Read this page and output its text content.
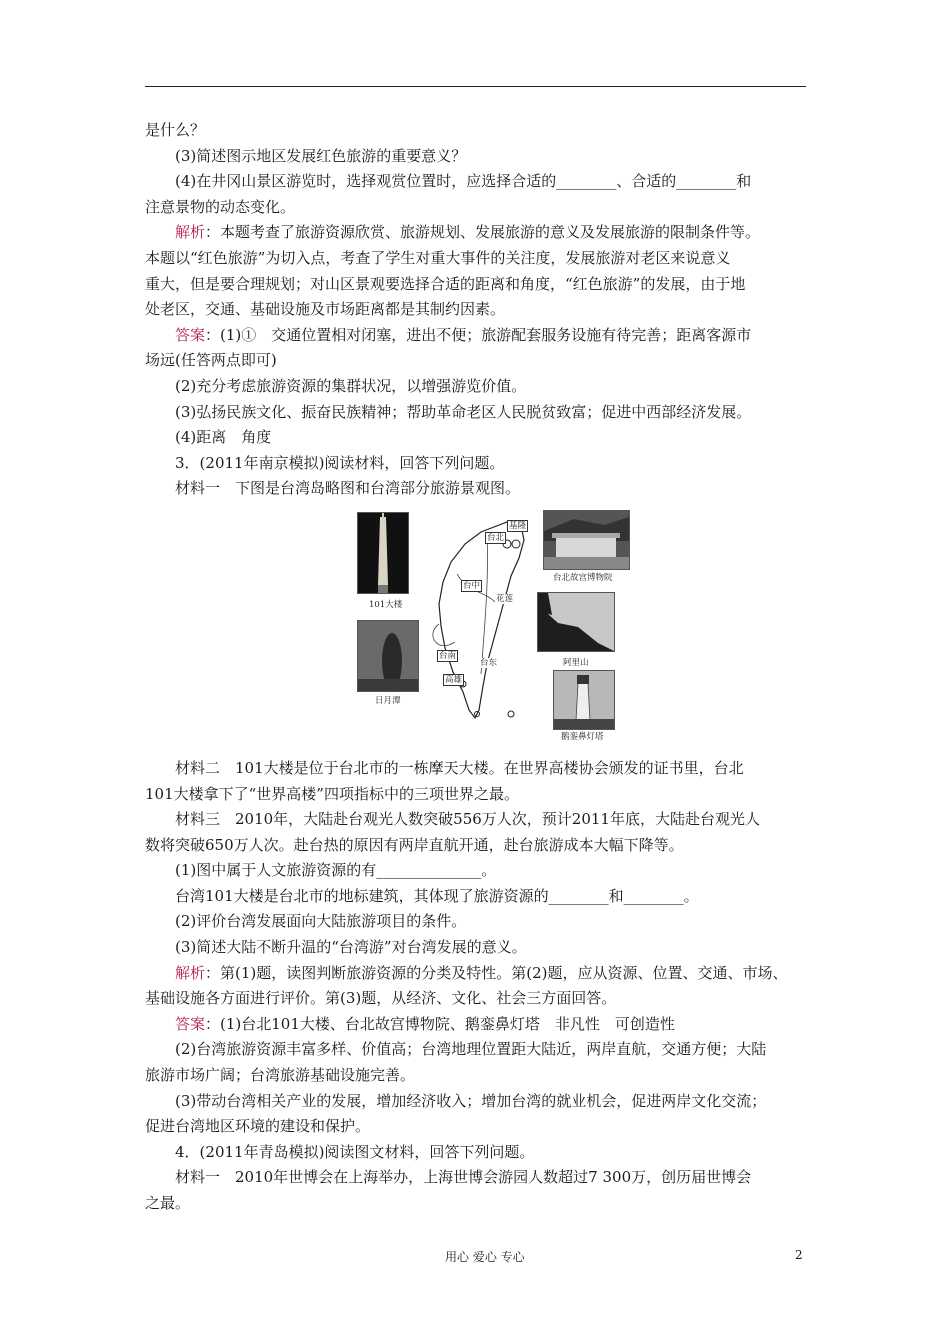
是什么？

(3)简述图示地区发展红色旅游的重要意义？

(4)在井冈山景区游览时，选择观赏位置时，应选择合适的________、合适的________和

注意景物的动态变化。

解析：本题考查了旅游资源欣赏、旅游规划、发展旅游的意义及发展旅游的限制条件等。

本题以“红色旅游”为切入点，考查了学生对重大事件的关注度，发展旅游对老区来说意义

重大，但是要合理规划；对山区景观要选择合适的距离和角度，“红色旅游”的发展，由于地

处老区，交通、基础设施及市场距离都是其制约因素。

答案：(1)①　交通位置相对闭塞，进出不便；旅游配套服务设施有待完善；距离客源市

场远(任答两点即可)

(2)充分考虑旅游资源的集群状况，以增强游览价值。

(3)弘扬民族文化、振奋民族精神；帮助革命老区人民脱贫致富；促进中西部经济发展。

(4)距离　角度

3．(2011年南京模拟)阅读材料，回答下列问题。

材料一　下图是台湾岛略图和台湾部分旅游景观图。

101大楼
日月潭
基隆
台北
台中
花莲
台南
台东
高雄
台北故宫博物院
阿里山
鹅銮鼻灯塔

材料二　101大楼是位于台北市的一栋摩天大楼。在世界高楼协会颁发的证书里，台北

101大楼拿下了“世界高楼”四项指标中的三项世界之最。

材料三　2010年，大陆赴台观光人数突破556万人次，预计2011年底，大陆赴台观光人

数将突破650万人次。赴台热的原因有两岸直航开通，赴台旅游成本大幅下降等。

(1)图中属于人文旅游资源的有______________。

台湾101大楼是台北市的地标建筑，其体现了旅游资源的________和________。

(2)评价台湾发展面向大陆旅游项目的条件。

(3)简述大陆不断升温的“台湾游”对台湾发展的意义。

解析：第(1)题，读图判断旅游资源的分类及特性。第(2)题，应从资源、位置、交通、市场、

基础设施各方面进行评价。第(3)题，从经济、文化、社会三方面回答。

答案：(1)台北101大楼、台北故宫博物院、鹅銮鼻灯塔　非凡性　可创造性

(2)台湾旅游资源丰富多样、价值高；台湾地理位置距大陆近，两岸直航，交通方便；大陆

旅游市场广阔；台湾旅游基础设施完善。

(3)带动台湾相关产业的发展，增加经济收入；增加台湾的就业机会，促进两岸文化交流；

促进台湾地区环境的建设和保护。

4．(2011年青岛模拟)阅读图文材料，回答下列问题。

材料一　2010年世博会在上海举办，上海世博会游园人数超过7 300万，创历届世博会

之最。

用心 爱心 专心	2
